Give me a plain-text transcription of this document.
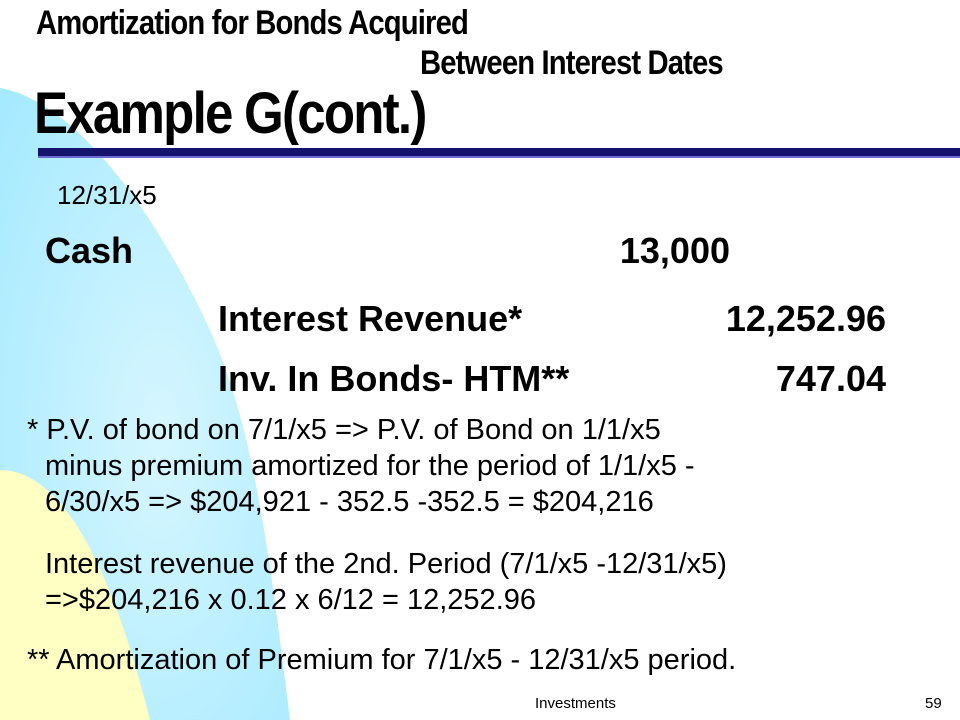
Amortization for Bonds Acquired
Between Interest Dates
Example G(cont.)
12/31/x5
Cash	13,000
Interest Revenue*	12,252.96
Inv. In Bonds- HTM**	747.04
* P.V. of bond on 7/1/x5 => P.V. of Bond on 1/1/x5
minus premium amortized for the period of 1/1/x5 -
6/30/x5 => $204,921 - 352.5 -352.5 = $204,216
Interest revenue of the 2nd. Period (7/1/x5 -12/31/x5)
=>$204,216 x 0.12 x 6/12 = 12,252.96
** Amortization of Premium for 7/1/x5 - 12/31/x5 period.
Investments	59
